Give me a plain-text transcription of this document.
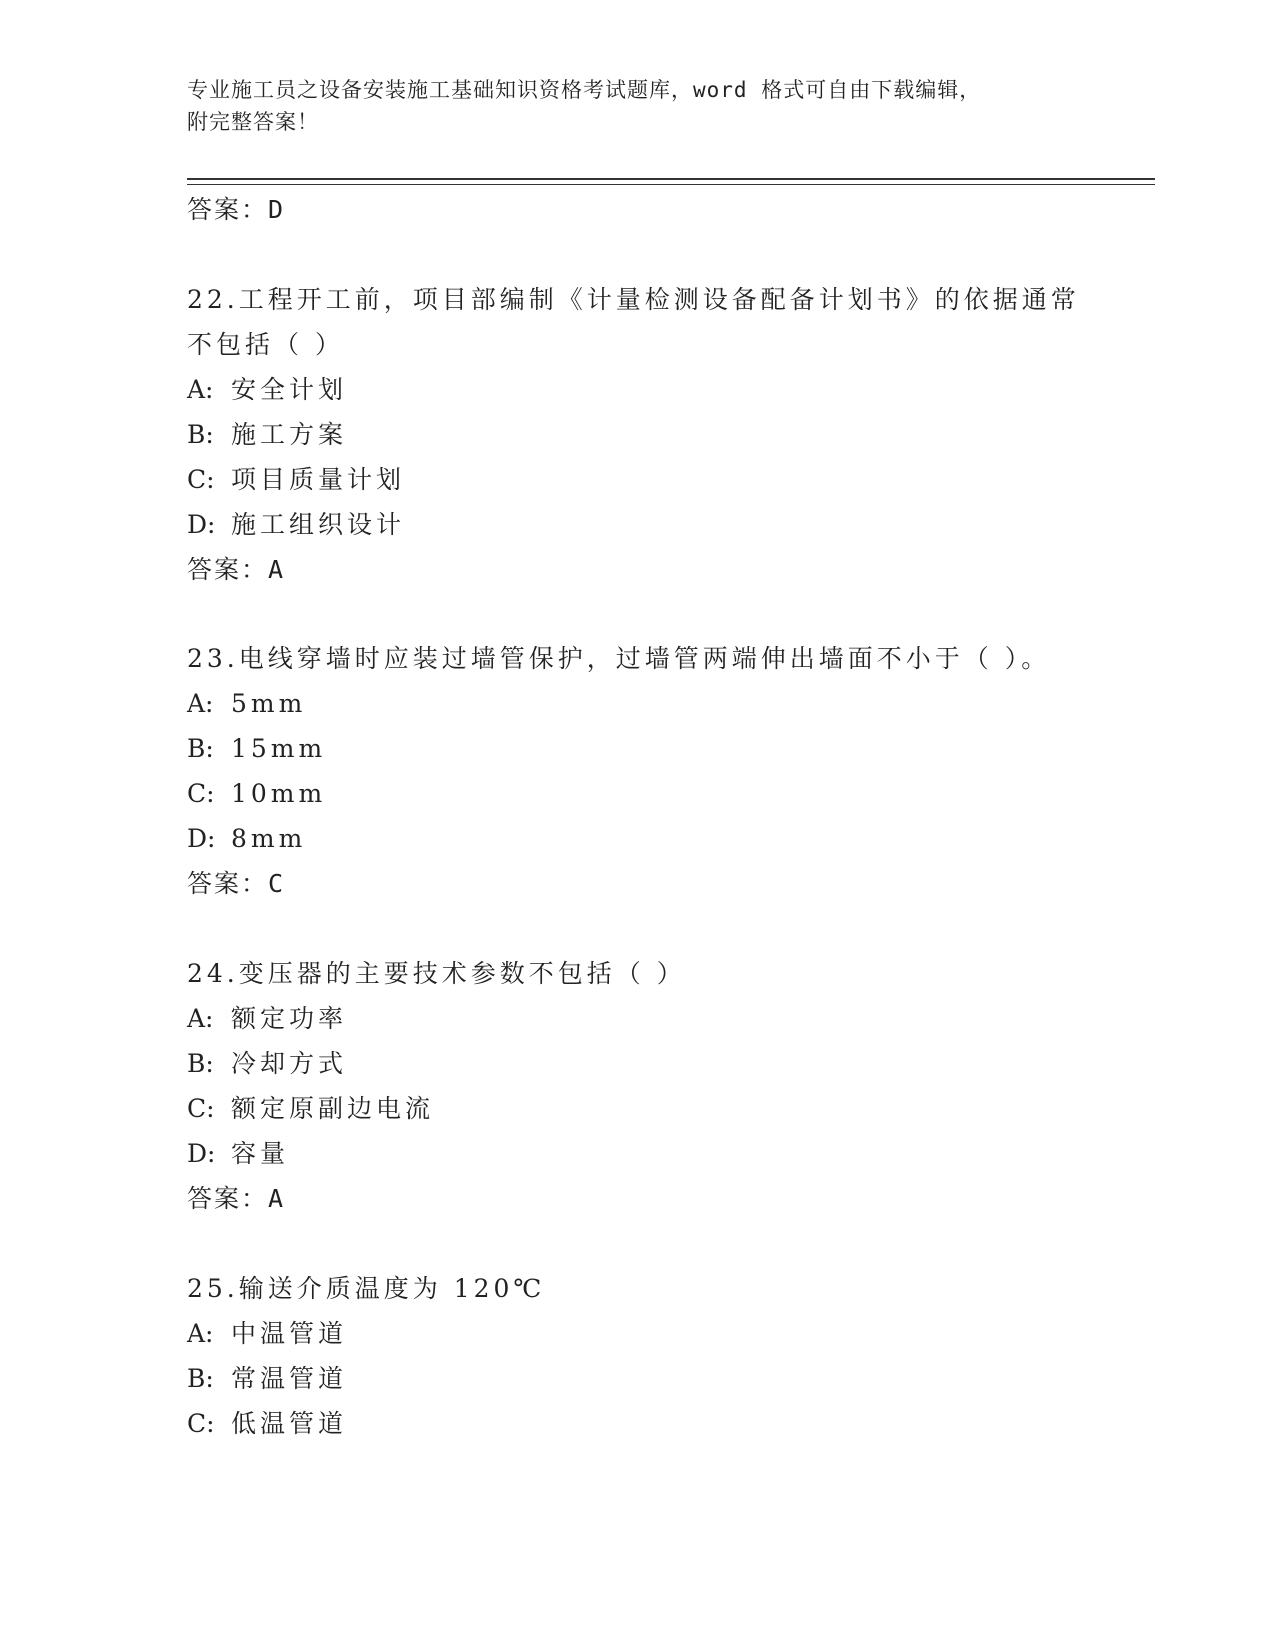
专业施工员之设备安装施工基础知识资格考试题库，word 格式可自由下载编辑，
附完整答案！
答案：D
22.工程开工前，项目部编制《计量检测设备配备计划书》的依据通常
不包括（ ）
A: 安全计划
B: 施工方案
C: 项目质量计划
D: 施工组织设计
答案：A
23.电线穿墙时应装过墙管保护，过墙管两端伸出墙面不小于（ ）。
A: 5mm
B: 15mm
C: 10mm
D: 8mm
答案：C
24.变压器的主要技术参数不包括（ ）
A: 额定功率
B: 冷却方式
C: 额定原副边电流
D: 容量
答案：A
25.输送介质温度为 120℃
A: 中温管道
B: 常温管道
C: 低温管道
